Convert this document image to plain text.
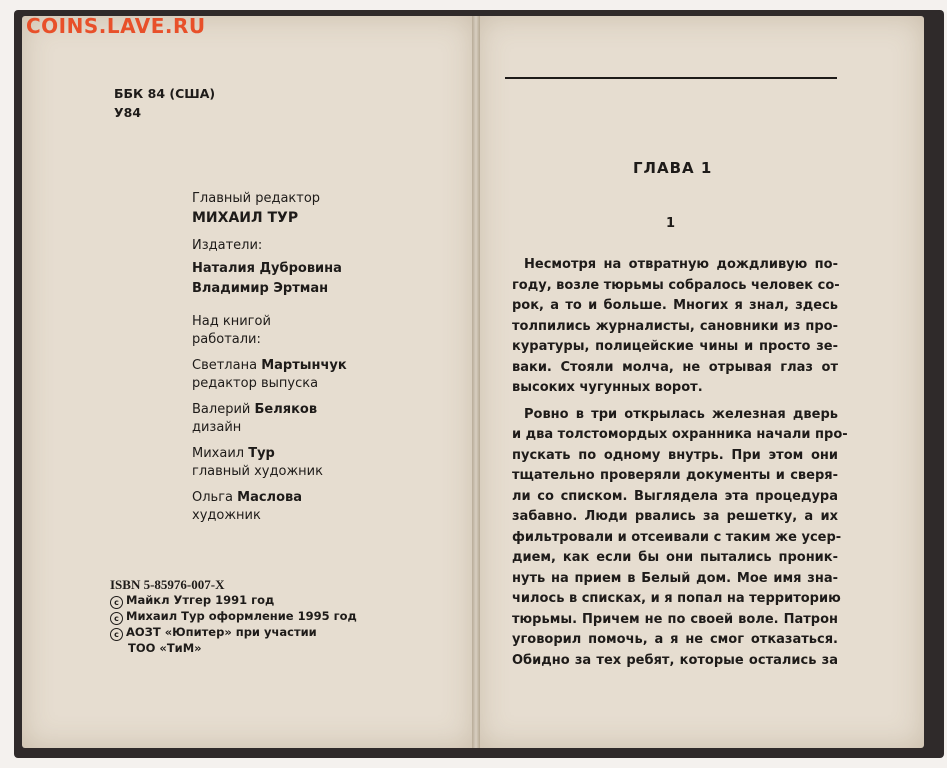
COINS.LAVE.RU
ББК 84 (США)
У84
Главный редактор
МИХАИЛ ТУР
Издатели:
Наталия Дубровина
Владимир Эртман
Над книгой
работали:
Светлана Мартынчук
редактор выпуска
Валерий Беляков
дизайн
Михаил Тур
главный художник
Ольга Маслова
художник
ISBN 5-85976-007-X
c Майкл Утгер 1991 год
c Михаил Тур оформление 1995 год
c АОЗТ «Юпитер» при участии
ТОО «ТиМ»
ГЛАВА 1
1
Несмотря на отвратную дождливую по-
году, возле тюрьмы собралось человек со-
рок, а то и больше. Многих я знал, здесь
толпились журналисты, сановники из про-
куратуры, полицейские чины и просто зе-
ваки. Стояли молча, не отрывая глаз от
высоких чугунных ворот.
Ровно в три открылась железная дверь
и два толстомордых охранника начали про-
пускать по одному внутрь. При этом они
тщательно проверяли документы и сверя-
ли со списком. Выглядела эта процедура
забавно. Люди рвались за решетку, а их
фильтровали и отсеивали с таким же усер-
дием, как если бы они пытались проник-
нуть на прием в Белый дом. Мое имя зна-
чилось в списках, и я попал на территорию
тюрьмы. Причем не по своей воле. Патрон
уговорил помочь, а я не смог отказаться.
Обидно за тех ребят, которые остались за
